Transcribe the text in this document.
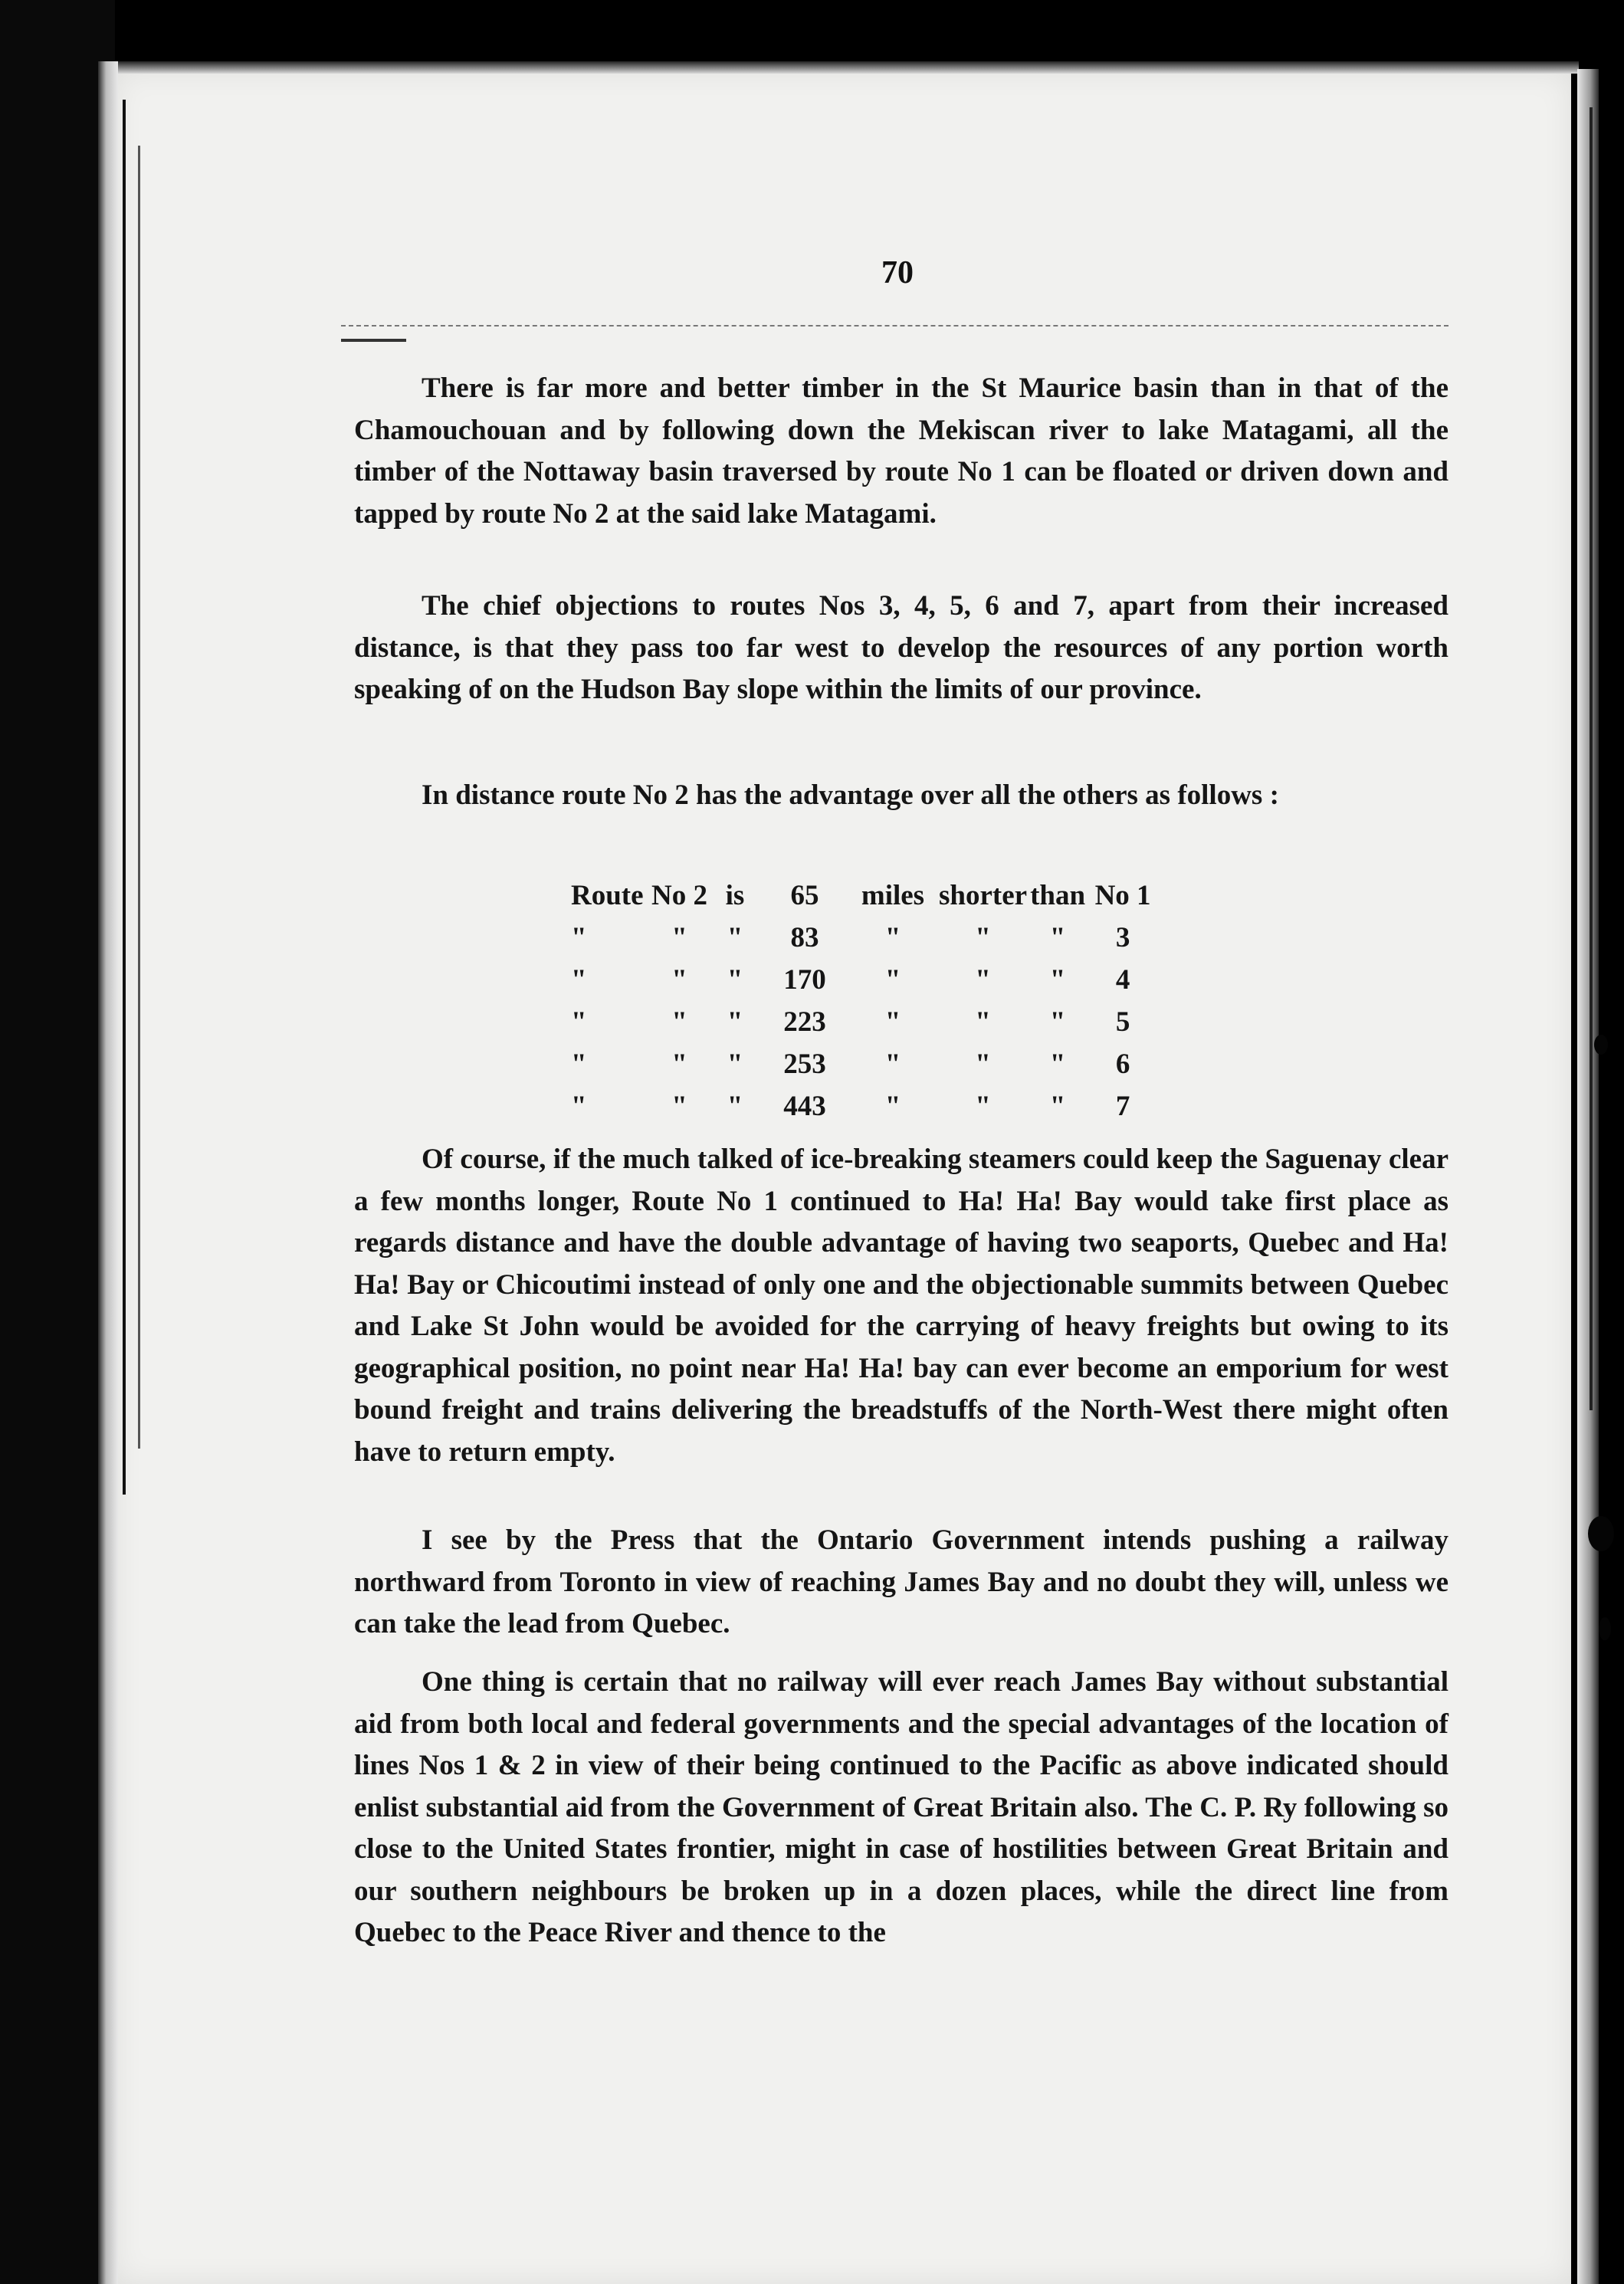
70

There is far more and better timber in the St Maurice basin than in that of the Chamouchouan and by following down the Mekiscan river to lake Matagami, all the timber of the Nottaway basin traversed by route No 1 can be floated or driven down and tapped by route No 2 at the said lake Matagami.

The chief objections to routes Nos 3, 4, 5, 6 and 7, apart from their increased distance, is that they pass too far west to develop the resources of any portion worth speaking of on the Hudson Bay slope within the limits of our province.

In distance route No 2 has the advantage over all the others as follows :

Route	No 2	is	65	miles	shorter	than	No 1
"	"	"	83	"	"	"	3
"	"	"	170	"	"	"	4
"	"	"	223	"	"	"	5
"	"	"	253	"	"	"	6
"	"	"	443	"	"	"	7

Of course, if the much talked of ice-breaking steamers could keep the Saguenay clear a few months longer, Route No 1 continued to Ha! Ha! Bay would take first place as regards distance and have the double advantage of having two seaports, Quebec and Ha! Ha! Bay or Chicoutimi instead of only one and the objectionable summits between Quebec and Lake St John would be avoided for the carrying of heavy freights but owing to its geographical position, no point near Ha! Ha! bay can ever become an emporium for west bound freight and trains delivering the breadstuffs of the North-West there might often have to return empty.

I see by the Press that the Ontario Government intends pushing a railway northward from Toronto in view of reaching James Bay and no doubt they will, unless we can take the lead from Quebec.

One thing is certain that no railway will ever reach James Bay without substantial aid from both local and federal governments and the special advantages of the location of lines Nos 1 & 2 in view of their being continued to the Pacific as above indicated should enlist substantial aid from the Government of Great Britain also. The C. P. Ry following so close to the United States frontier, might in case of hostilities between Great Britain and our southern neighbours be broken up in a dozen places, while the direct line from Quebec to the Peace River and thence to the
